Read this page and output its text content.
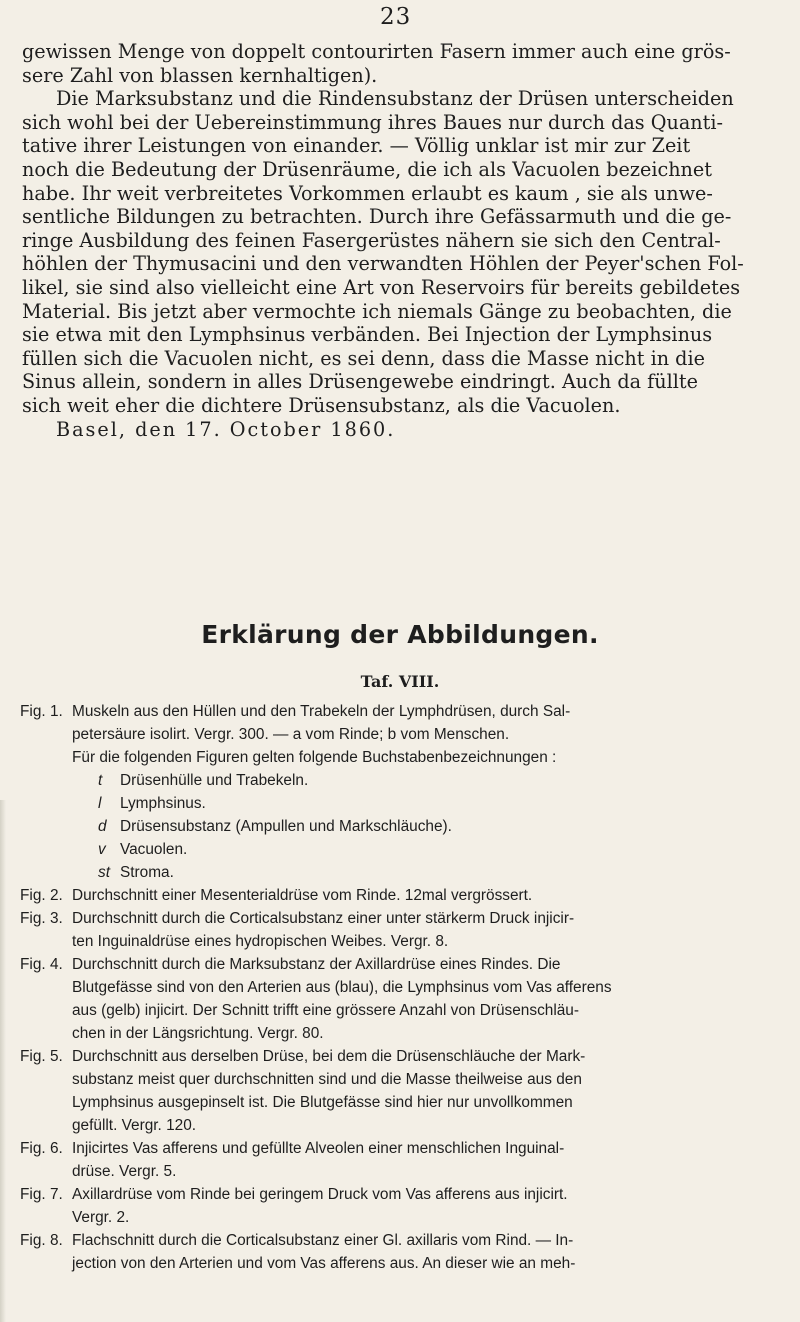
23
gewissen Menge von doppelt contourirten Fasern immer auch eine grös-
sere Zahl von blassen kernhaltigen).
Die Marksubstanz und die Rindensubstanz der Drüsen unterscheiden
sich wohl bei der Uebereinstimmung ihres Baues nur durch das Quanti-
tative ihrer Leistungen von einander. — Völlig unklar ist mir zur Zeit
noch die Bedeutung der Drüsenräume, die ich als Vacuolen bezeichnet
habe. Ihr weit verbreitetes Vorkommen erlaubt es kaum , sie als unwe-
sentliche Bildungen zu betrachten. Durch ihre Gefässarmuth und die ge-
ringe Ausbildung des feinen Fasergerüstes nähern sie sich den Central-
höhlen der Thymusacini und den verwandten Höhlen der Peyer'schen Fol-
likel, sie sind also vielleicht eine Art von Reservoirs für bereits gebildetes
Material. Bis jetzt aber vermochte ich niemals Gänge zu beobachten, die
sie etwa mit den Lymphsinus verbänden. Bei Injection der Lymphsinus
füllen sich die Vacuolen nicht, es sei denn, dass die Masse nicht in die
Sinus allein, sondern in alles Drüsengewebe eindringt. Auch da füllte
sich weit eher die dichtere Drüsensubstanz, als die Vacuolen.
Basel, den 17. October 1860.
Erklärung der Abbildungen.
Taf. VIII.
Fig. 1. Muskeln aus den Hüllen und den Trabekeln der Lymphdrüsen, durch Sal-
petersäure isolirt. Vergr. 300. — a vom Rinde; b vom Menschen.
Für die folgenden Figuren gelten folgende Buchstabenbezeichnungen :
t Drüsenhülle und Trabekeln.
l Lymphsinus.
d Drüsensubstanz (Ampullen und Markschläuche).
v Vacuolen.
st Stroma.
Fig. 2. Durchschnitt einer Mesenterialdrüse vom Rinde. 12mal vergrössert.
Fig. 3. Durchschnitt durch die Corticalsubstanz einer unter stärkerm Druck injicir-
ten Inguinaldrüse eines hydropischen Weibes. Vergr. 8.
Fig. 4. Durchschnitt durch die Marksubstanz der Axillardrüse eines Rindes. Die
Blutgefässe sind von den Arterien aus (blau), die Lymphsinus vom Vas afferens
aus (gelb) injicirt. Der Schnitt trifft eine grössere Anzahl von Drüsenschläu-
chen in der Längsrichtung. Vergr. 80.
Fig. 5. Durchschnitt aus derselben Drüse, bei dem die Drüsenschläuche der Mark-
substanz meist quer durchschnitten sind und die Masse theilweise aus den
Lymphsinus ausgepinselt ist. Die Blutgefässe sind hier nur unvollkommen
gefüllt. Vergr. 120.
Fig. 6. Injicirtes Vas afferens und gefüllte Alveolen einer menschlichen Inguinal-
drüse. Vergr. 5.
Fig. 7. Axillardrüse vom Rinde bei geringem Druck vom Vas afferens aus injicirt.
Vergr. 2.
Fig. 8. Flachschnitt durch die Corticalsubstanz einer Gl. axillaris vom Rind. — In-
jection von den Arterien und vom Vas afferens aus. An dieser wie an meh-
